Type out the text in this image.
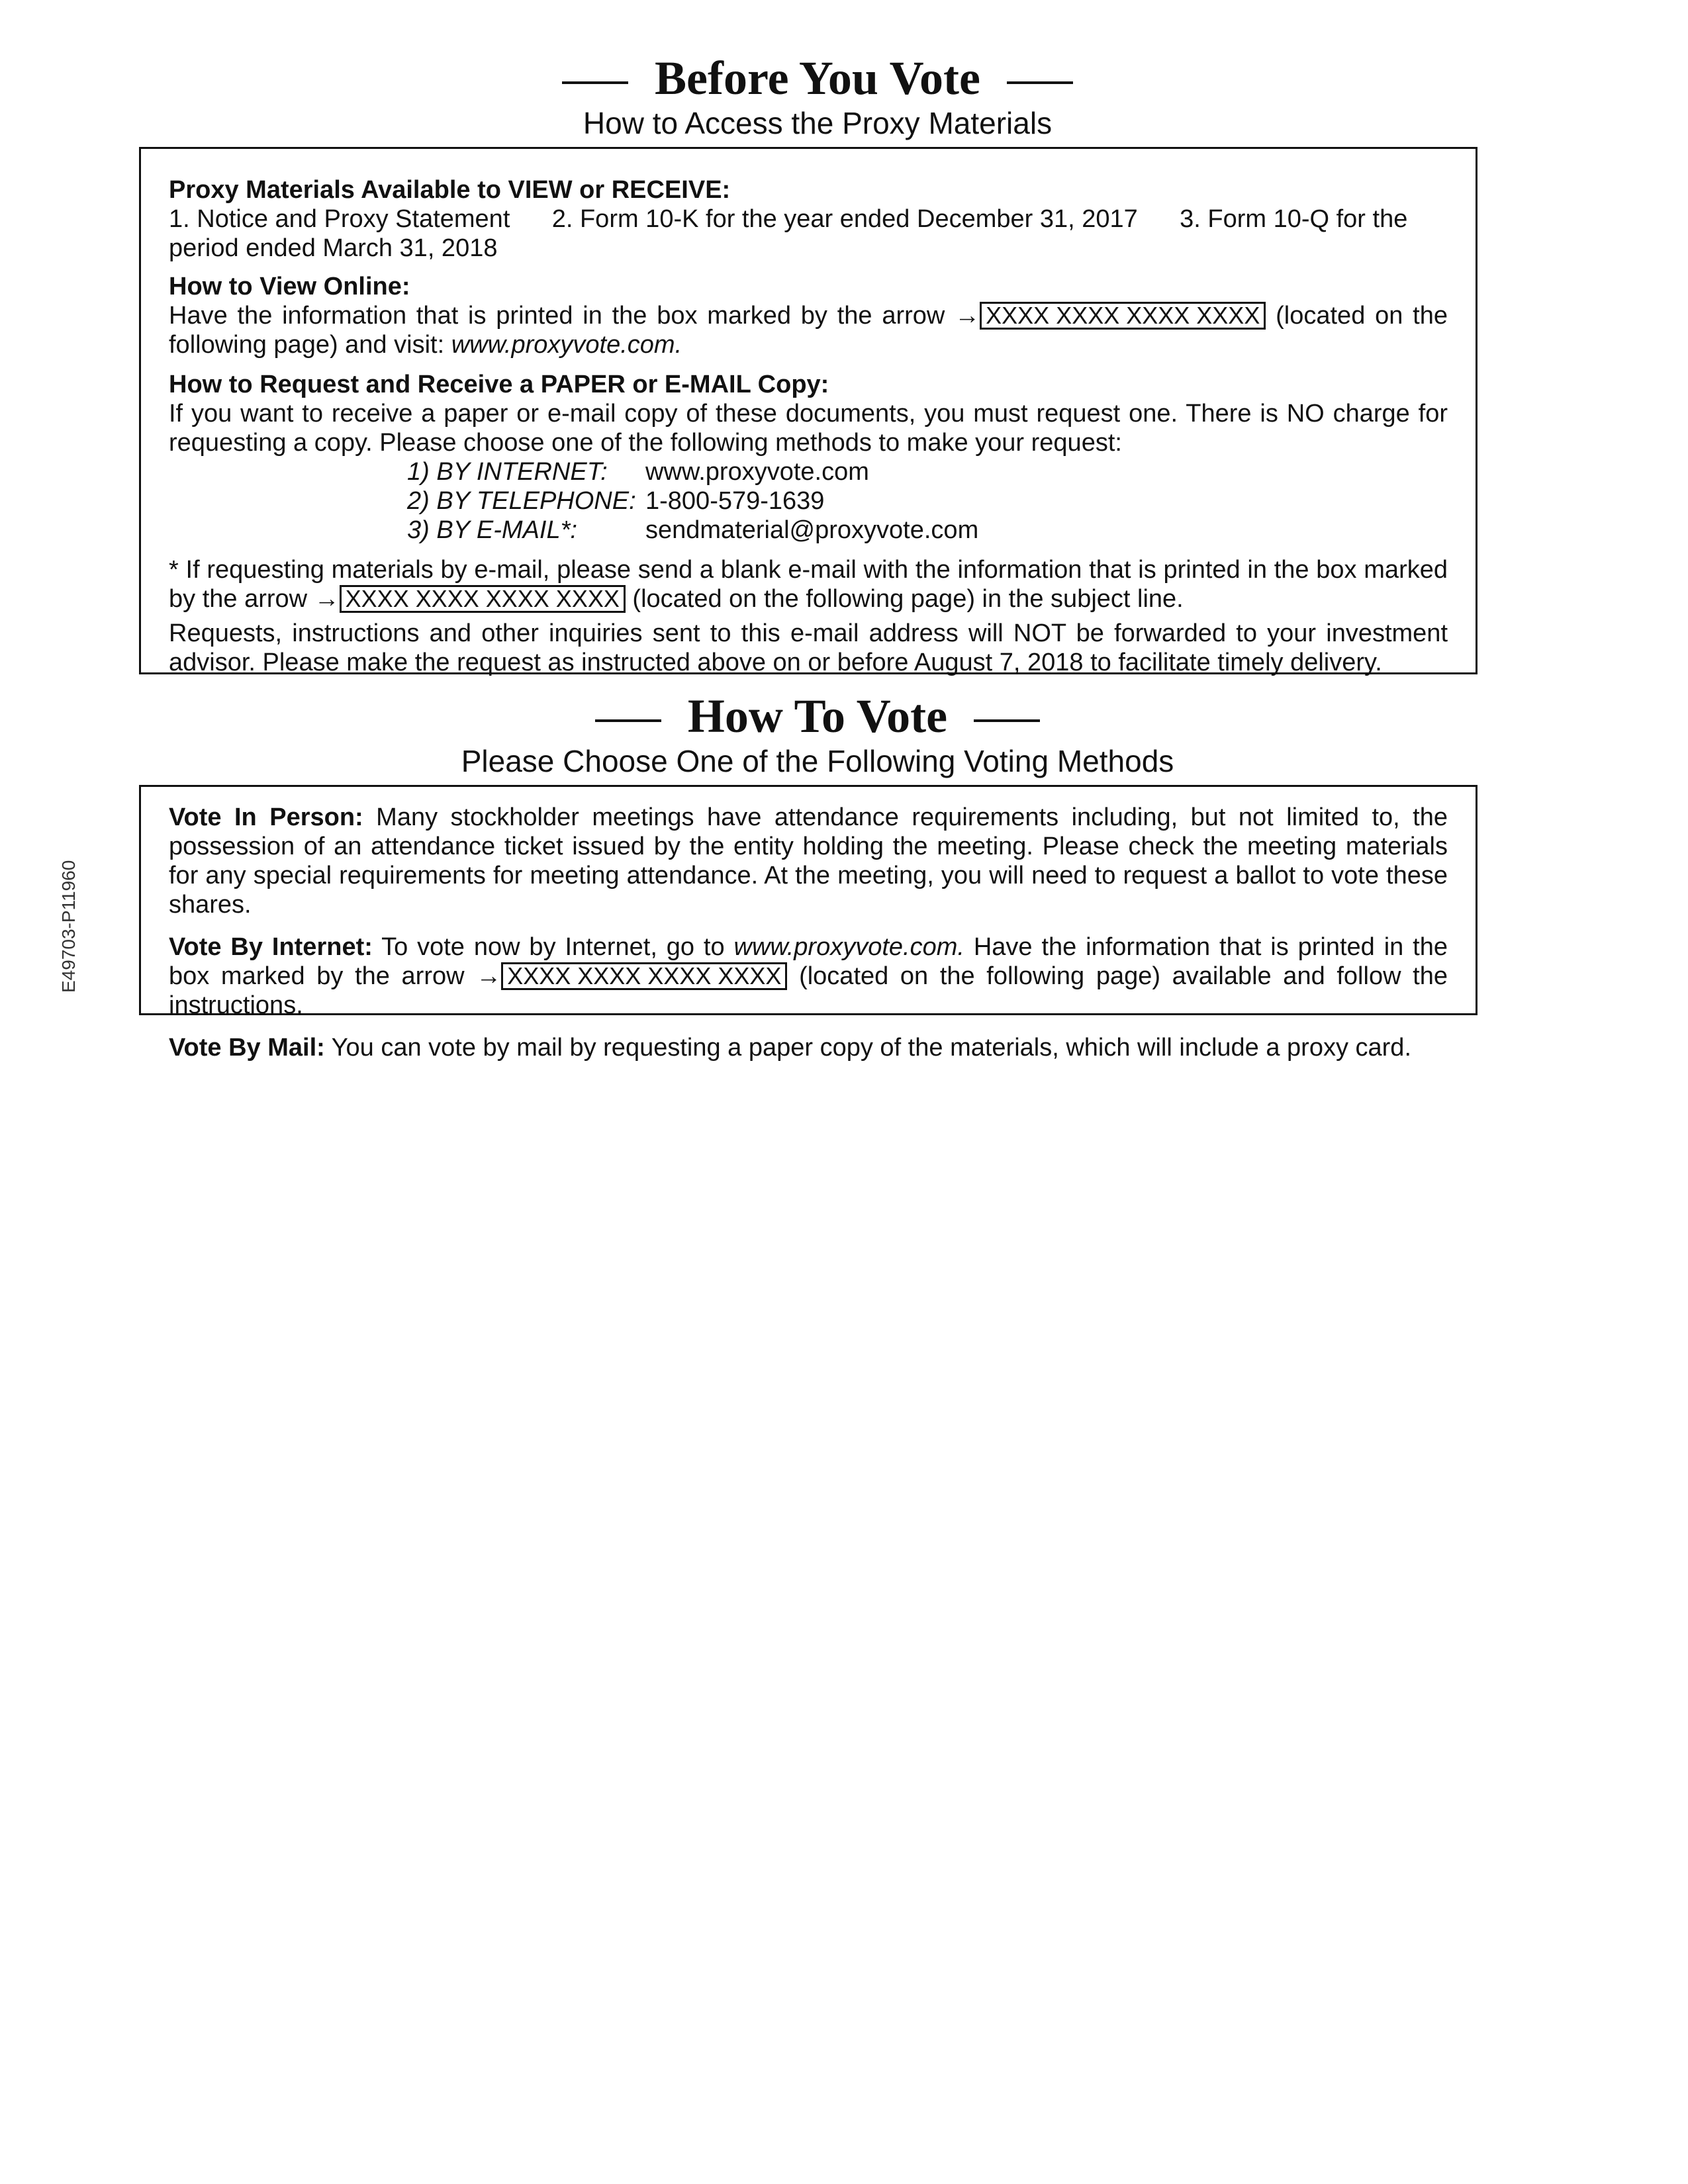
Before You Vote
How to Access the Proxy Materials

Proxy Materials Available to VIEW or RECEIVE:

1. Notice and Proxy Statement      2. Form 10-K for the year ended December 31, 2017      3. Form 10-Q for the

period ended March 31, 2018

How to View Online:

Have the information that is printed in the box marked by the arrow → XXXX XXXX XXXX XXXX (located on the following page) and visit: www.proxyvote.com.

How to Request and Receive a PAPER or E-MAIL Copy:

If you want to receive a paper or e-mail copy of these documents, you must request one. There is NO charge for requesting a copy. Please choose one of the following methods to make your request:

1) BY INTERNET:	www.proxyvote.com
2) BY TELEPHONE: 1-800-579-1639
3) BY E-MAIL*:	sendmaterial@proxyvote.com

* If requesting materials by e-mail, please send a blank e-mail with the information that is printed in the box marked by the arrow → XXXX XXXX XXXX XXXX (located on the following page) in the subject line.

Requests, instructions and other inquiries sent to this e-mail address will NOT be forwarded to your investment advisor. Please make the request as instructed above on or before August 7, 2018 to facilitate timely delivery.

How To Vote
Please Choose One of the Following Voting Methods

Vote In Person: Many stockholder meetings have attendance requirements including, but not limited to, the possession of an attendance ticket issued by the entity holding the meeting. Please check the meeting materials for any special requirements for meeting attendance. At the meeting, you will need to request a ballot to vote these shares.

Vote By Internet: To vote now by Internet, go to www.proxyvote.com. Have the information that is printed in the box marked by the arrow → XXXX XXXX XXXX XXXX (located on the following page) available and follow the instructions.

Vote By Mail: You can vote by mail by requesting a paper copy of the materials, which will include a proxy card.

E49703-P11960
